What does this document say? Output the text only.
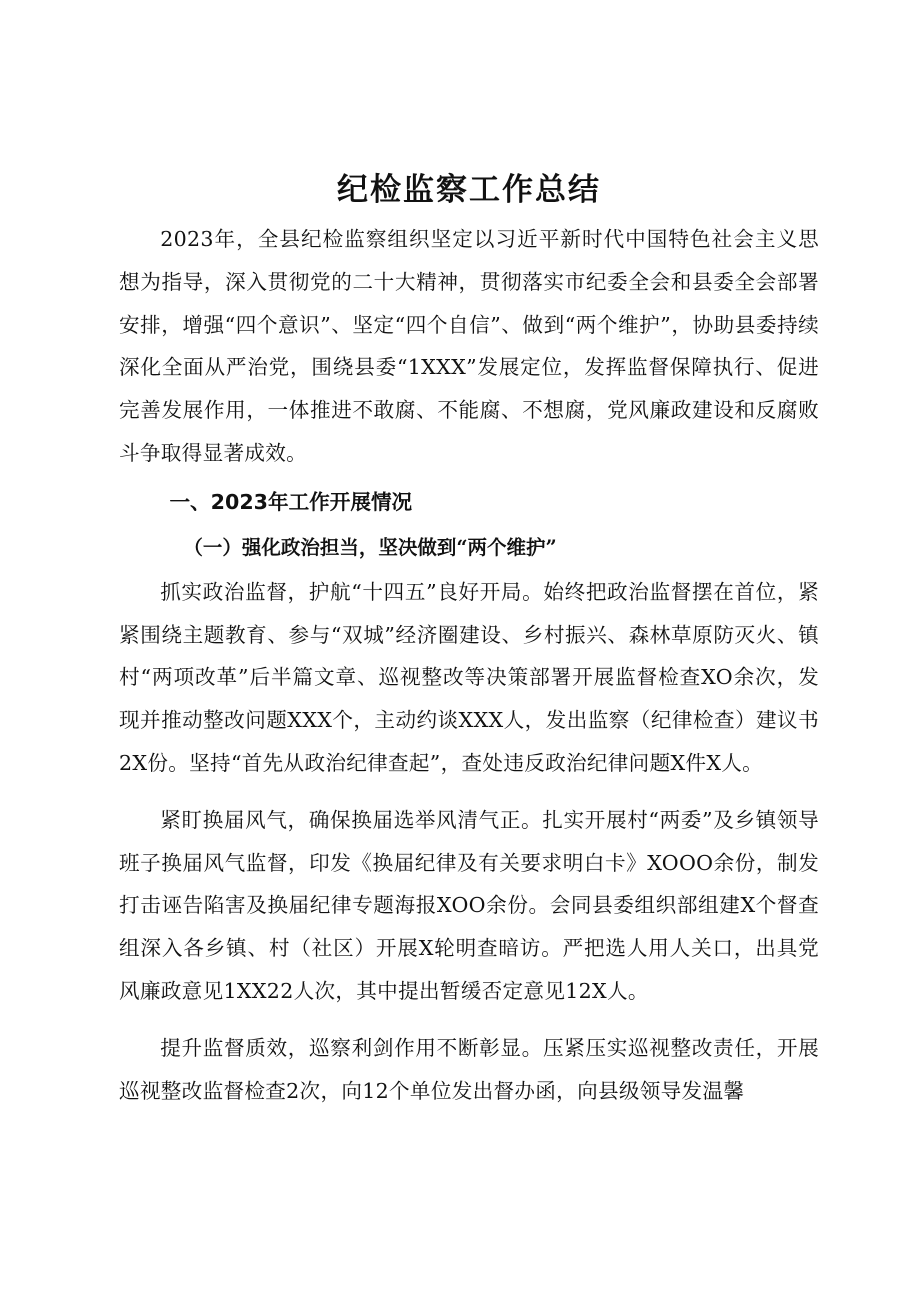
纪检监察工作总结

2023年，全县纪检监察组织坚定以习近平新时代中国特色社会主义思想为指导，深入贯彻党的二十大精神，贯彻落实市纪委全会和县委全会部署安排，增强“四个意识”、坚定“四个自信”、做到“两个维护”，协助县委持续深化全面从严治党，围绕县委“1XXX”发展定位，发挥监督保障执行、促进完善发展作用，一体推进不敢腐、不能腐、不想腐，党风廉政建设和反腐败斗争取得显著成效。

一、2023年工作开展情况
（一）强化政治担当，坚决做到“两个维护”

抓实政治监督，护航“十四五”良好开局。始终把政治监督摆在首位，紧紧围绕主题教育、参与“双城”经济圈建设、乡村振兴、森林草原防灭火、镇村“两项改革”后半篇文章、巡视整改等决策部署开展监督检查XO余次，发现并推动整改问题XXX个，主动约谈XXX人，发出监察（纪律检查）建议书2X份。坚持“首先从政治纪律查起”，查处违反政治纪律问题X件X人。

紧盯换届风气，确保换届选举风清气正。扎实开展村“两委”及乡镇领导班子换届风气监督，印发《换届纪律及有关要求明白卡》XOOO余份，制发打击诬告陷害及换届纪律专题海报XOO余份。会同县委组织部组建X个督查组深入各乡镇、村（社区）开展X轮明查暗访。严把选人用人关口，出具党风廉政意见1XX22人次，其中提出暂缓否定意见12X人。

提升监督质效，巡察利剑作用不断彰显。压紧压实巡视整改责任，开展巡视整改监督检查2次，向12个单位发出督办函，向县级领导发温馨
